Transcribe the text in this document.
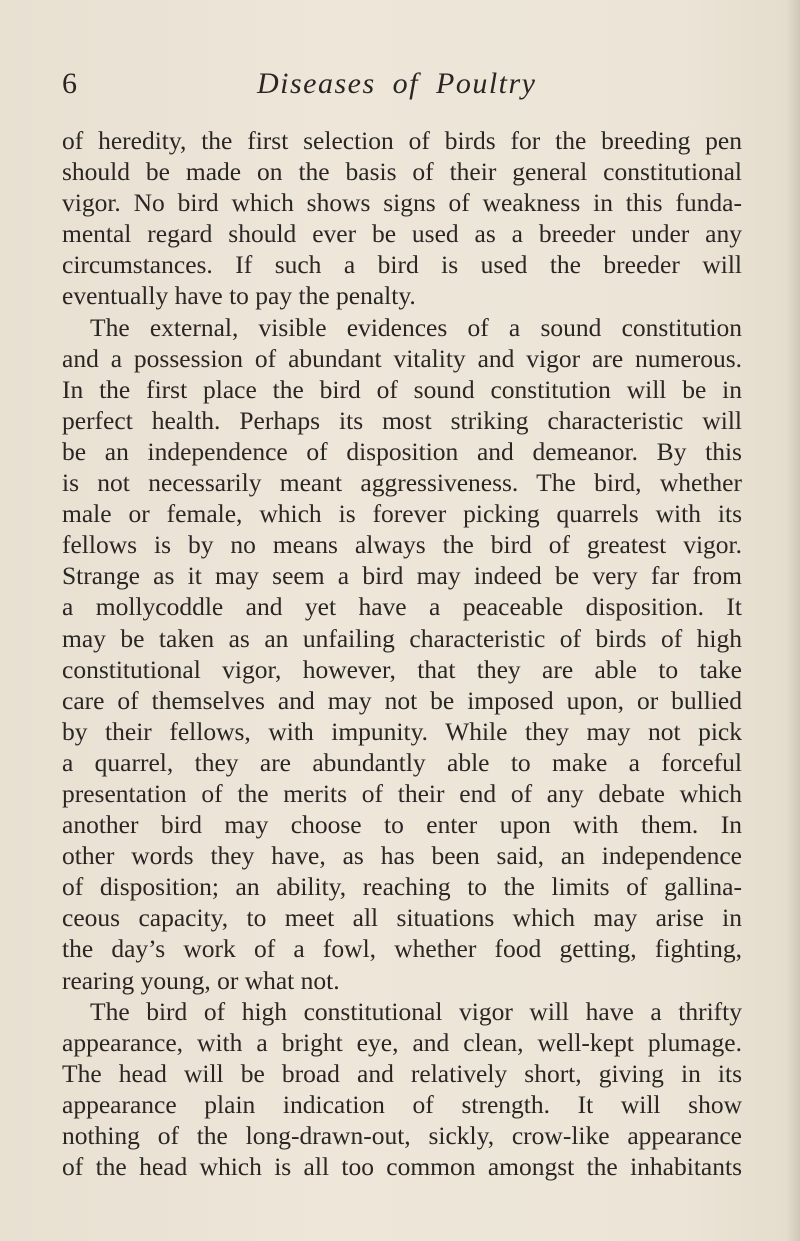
6	Diseases of Poultry
of heredity, the first selection of birds for the breeding pen
should be made on the basis of their general constitutional
vigor. No bird which shows signs of weakness in this funda-
mental regard should ever be used as a breeder under any
circumstances. If such a bird is used the breeder will
eventually have to pay the penalty.
The external, visible evidences of a sound constitution
and a possession of abundant vitality and vigor are numerous.
In the first place the bird of sound constitution will be in
perfect health. Perhaps its most striking characteristic will
be an independence of disposition and demeanor. By this
is not necessarily meant aggressiveness. The bird, whether
male or female, which is forever picking quarrels with its
fellows is by no means always the bird of greatest vigor.
Strange as it may seem a bird may indeed be very far from
a mollycoddle and yet have a peaceable disposition. It
may be taken as an unfailing characteristic of birds of high
constitutional vigor, however, that they are able to take
care of themselves and may not be imposed upon, or bullied
by their fellows, with impunity. While they may not pick
a quarrel, they are abundantly able to make a forceful
presentation of the merits of their end of any debate which
another bird may choose to enter upon with them. In
other words they have, as has been said, an independence
of disposition; an ability, reaching to the limits of gallina-
ceous capacity, to meet all situations which may arise in
the day’s work of a fowl, whether food getting, fighting,
rearing young, or what not.
The bird of high constitutional vigor will have a thrifty
appearance, with a bright eye, and clean, well-kept plumage.
The head will be broad and relatively short, giving in its
appearance plain indication of strength. It will show
nothing of the long-drawn-out, sickly, crow-like appearance
of the head which is all too common amongst the inhabitants
